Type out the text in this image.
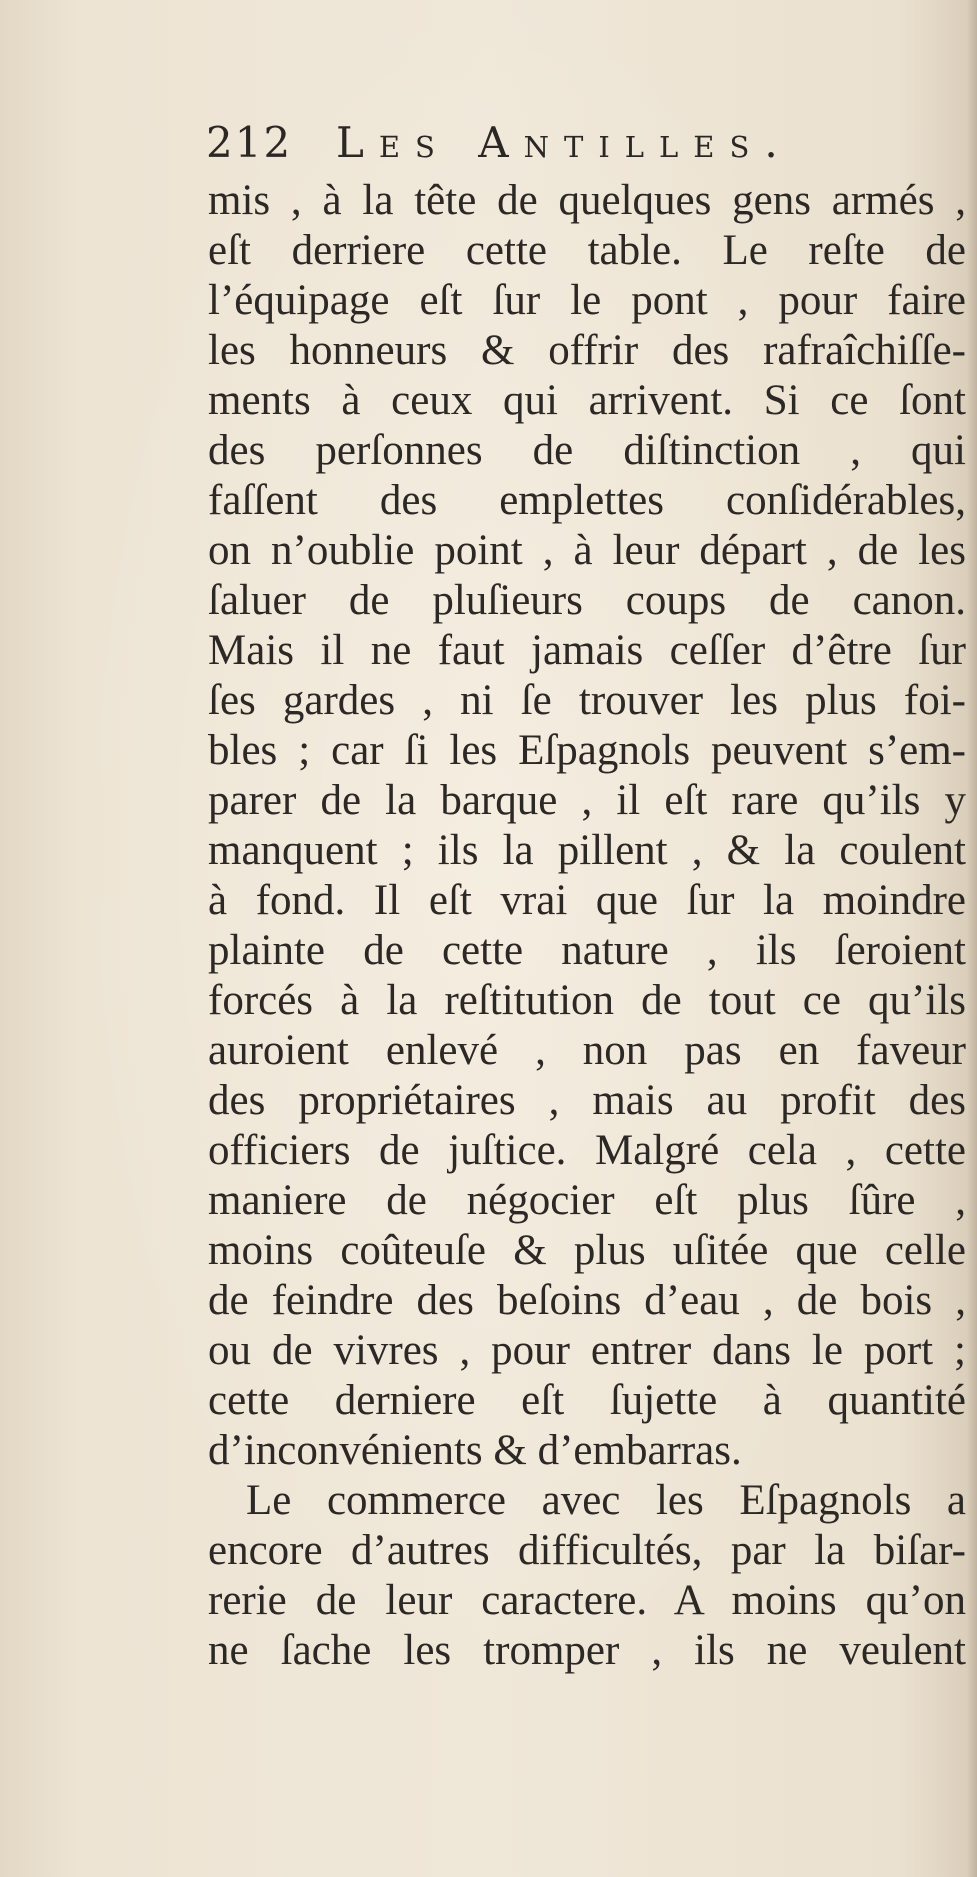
212 Les Antilles.
mis , à la tête de quelques gens armés ,
eſt derriere cette table. Le reſte de
l’équipage eſt ſur le pont , pour faire
les honneurs & offrir des rafraîchiſſe-
ments à ceux qui arrivent. Si ce ſont
des perſonnes de diſtinction , qui
faſſent des emplettes conſidérables,
on n’oublie point , à leur départ , de les
ſaluer de pluſieurs coups de canon.
Mais il ne faut jamais ceſſer d’être ſur
ſes gardes , ni ſe trouver les plus foi-
bles ; car ſi les Eſpagnols peuvent s’em-
parer de la barque , il eſt rare qu’ils y
manquent ; ils la pillent , & la coulent
à fond. Il eſt vrai que ſur la moindre
plainte de cette nature , ils ſeroient
forcés à la reſtitution de tout ce qu’ils
auroient enlevé , non pas en faveur
des propriétaires , mais au profit des
officiers de juſtice. Malgré cela , cette
maniere de négocier eſt plus ſûre ,
moins coûteuſe & plus uſitée que celle
de feindre des beſoins d’eau , de bois ,
ou de vivres , pour entrer dans le port ;
cette derniere eſt ſujette à quantité
d’inconvénients & d’embarras.
Le commerce avec les Eſpagnols a
encore d’autres difficultés, par la biſar-
rerie de leur caractere. A moins qu’on
ne ſache les tromper , ils ne veulent
